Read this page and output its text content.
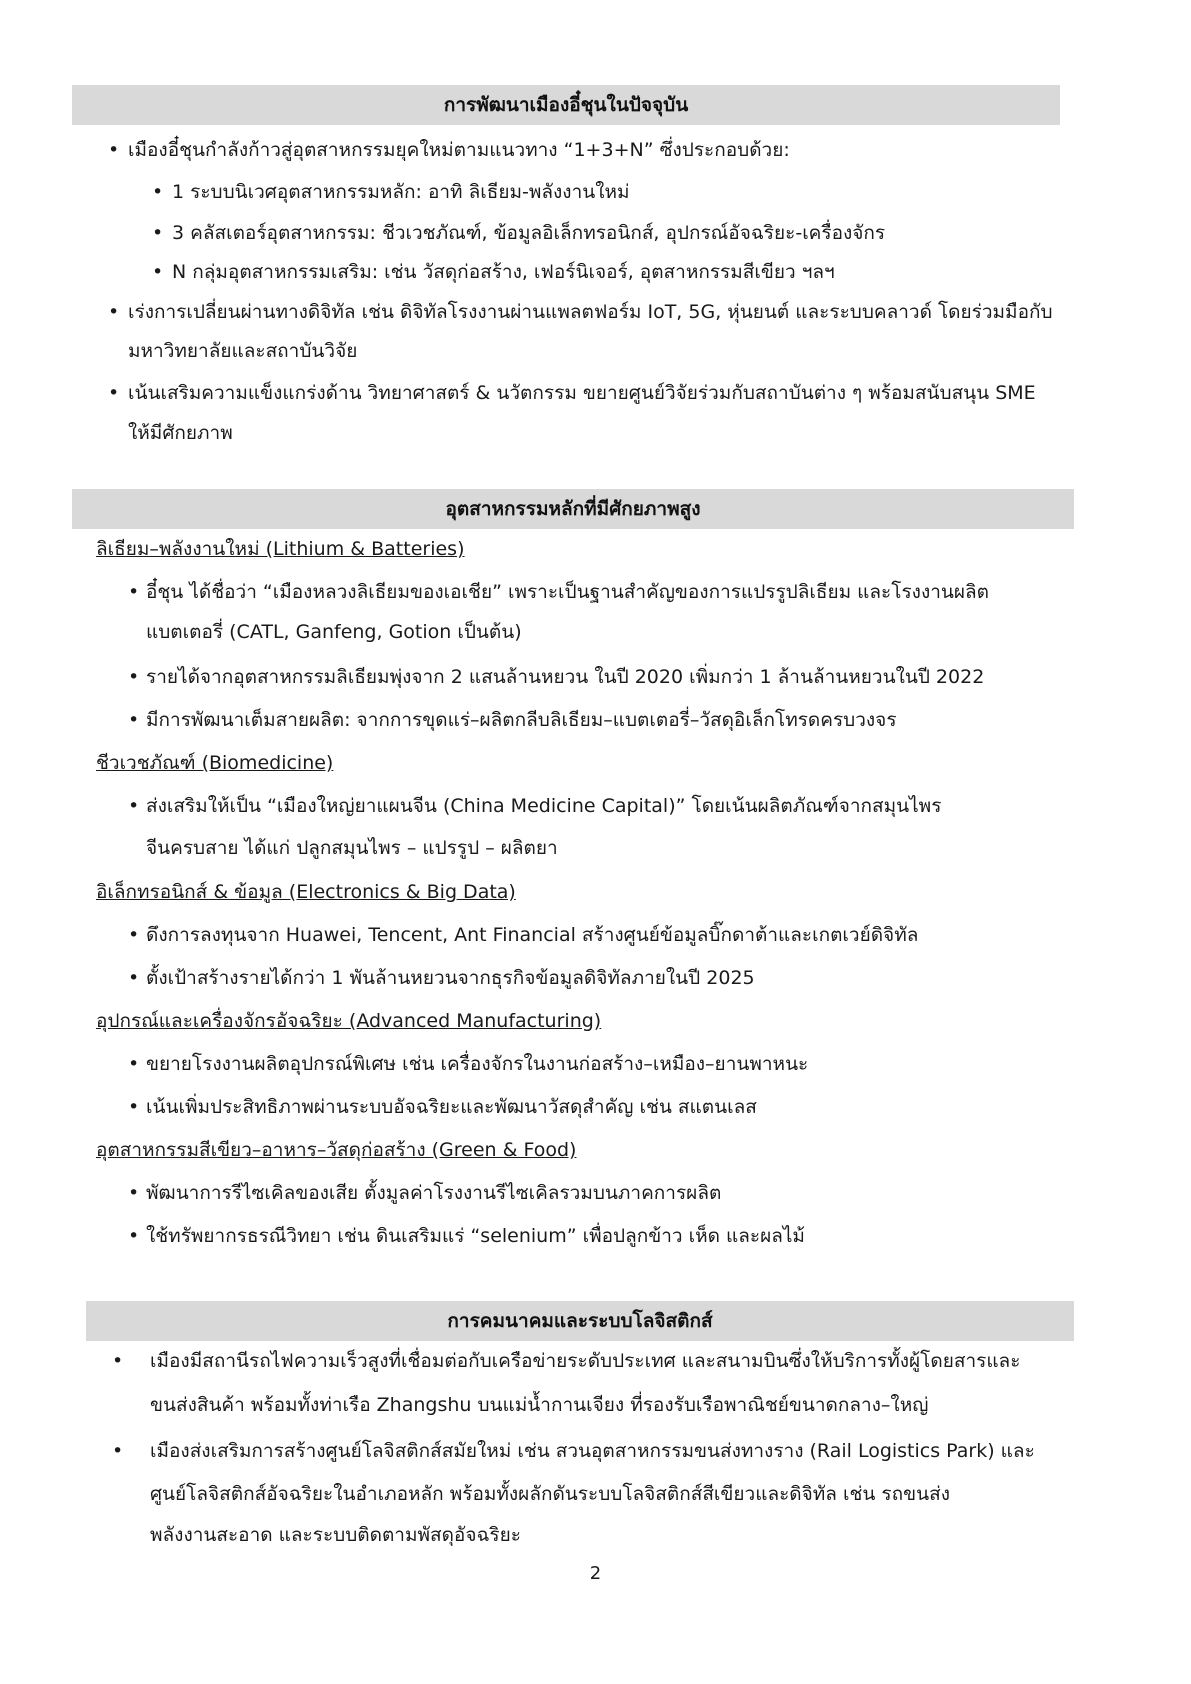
การพัฒนาเมืองอี๋ชุนในปัจจุบัน
• เมืองอี๋ชุนกำลังก้าวสู่อุตสาหกรรมยุคใหม่ตามแนวทาง “1+3+N” ซึ่งประกอบด้วย:
• 1 ระบบนิเวศอุตสาหกรรมหลัก: อาทิ ลิเธียม-พลังงานใหม่
• 3 คลัสเตอร์อุตสาหกรรม: ชีวเวชภัณฑ์, ข้อมูลอิเล็กทรอนิกส์, อุปกรณ์อัจฉริยะ-เครื่องจักร
• N กลุ่มอุตสาหกรรมเสริม: เช่น วัสดุก่อสร้าง, เฟอร์นิเจอร์, อุตสาหกรรมสีเขียว ฯลฯ
• เร่งการเปลี่ยนผ่านทางดิจิทัล เช่น ดิจิทัลโรงงานผ่านแพลตฟอร์ม IoT, 5G, หุ่นยนต์ และระบบคลาวด์ โดยร่วมมือกับ
มหาวิทยาลัยและสถาบันวิจัย
• เน้นเสริมความแข็งแกร่งด้าน วิทยาศาสตร์ & นวัตกรรม ขยายศูนย์วิจัยร่วมกับสถาบันต่าง ๆ พร้อมสนับสนุน SME
ให้มีศักยภาพ
อุตสาหกรรมหลักที่มีศักยภาพสูง
ลิเธียม–พลังงานใหม่ (Lithium & Batteries)
• อี๋ชุน ได้ชื่อว่า “เมืองหลวงลิเธียมของเอเชีย” เพราะเป็นฐานสำคัญของการแปรรูปลิเธียม และโรงงานผลิต
แบตเตอรี่ (CATL, Ganfeng, Gotion เป็นต้น)
• รายได้จากอุตสาหกรรมลิเธียมพุ่งจาก 2 แสนล้านหยวน ในปี 2020 เพิ่มกว่า 1 ล้านล้านหยวนในปี 2022
• มีการพัฒนาเต็มสายผลิต: จากการขุดแร่–ผลิตกลีบลิเธียม–แบตเตอรี่–วัสดุอิเล็กโทรดครบวงจร
ชีวเวชภัณฑ์ (Biomedicine)
• ส่งเสริมให้เป็น “เมืองใหญ่ยาแผนจีน (China Medicine Capital)” โดยเน้นผลิตภัณฑ์จากสมุนไพร
จีนครบสาย ได้แก่ ปลูกสมุนไพร – แปรรูป – ผลิตยา
อิเล็กทรอนิกส์ & ข้อมูล (Electronics & Big Data)
• ดึงการลงทุนจาก Huawei, Tencent, Ant Financial สร้างศูนย์ข้อมูลบิ๊กดาต้าและเกตเวย์ดิจิทัล
• ตั้งเป้าสร้างรายได้กว่า 1 พันล้านหยวนจากธุรกิจข้อมูลดิจิทัลภายในปี 2025
อุปกรณ์และเครื่องจักรอัจฉริยะ (Advanced Manufacturing)
• ขยายโรงงานผลิตอุปกรณ์พิเศษ เช่น เครื่องจักรในงานก่อสร้าง–เหมือง–ยานพาหนะ
• เน้นเพิ่มประสิทธิภาพผ่านระบบอัจฉริยะและพัฒนาวัสดุสำคัญ เช่น สแตนเลส
อุตสาหกรรมสีเขียว–อาหาร–วัสดุก่อสร้าง (Green & Food)
• พัฒนาการรีไซเคิลของเสีย ตั้งมูลค่าโรงงานรีไซเคิลรวมบนภาคการผลิต
• ใช้ทรัพยากรธรณีวิทยา เช่น ดินเสริมแร่ “selenium” เพื่อปลูกข้าว เห็ด และผลไม้
การคมนาคมและระบบโลจิสติกส์
• เมืองมีสถานีรถไฟความเร็วสูงที่เชื่อมต่อกับเครือข่ายระดับประเทศ และสนามบินซึ่งให้บริการทั้งผู้โดยสารและ
ขนส่งสินค้า พร้อมทั้งท่าเรือ Zhangshu บนแม่น้ำกานเจียง ที่รองรับเรือพาณิชย์ขนาดกลาง–ใหญ่
• เมืองส่งเสริมการสร้างศูนย์โลจิสติกส์สมัยใหม่ เช่น สวนอุตสาหกรรมขนส่งทางราง (Rail Logistics Park) และ
ศูนย์โลจิสติกส์อัจฉริยะในอำเภอหลัก พร้อมทั้งผลักดันระบบโลจิสติกส์สีเขียวและดิจิทัล เช่น รถขนส่ง
พลังงานสะอาด และระบบติดตามพัสดุอัจฉริยะ
2
